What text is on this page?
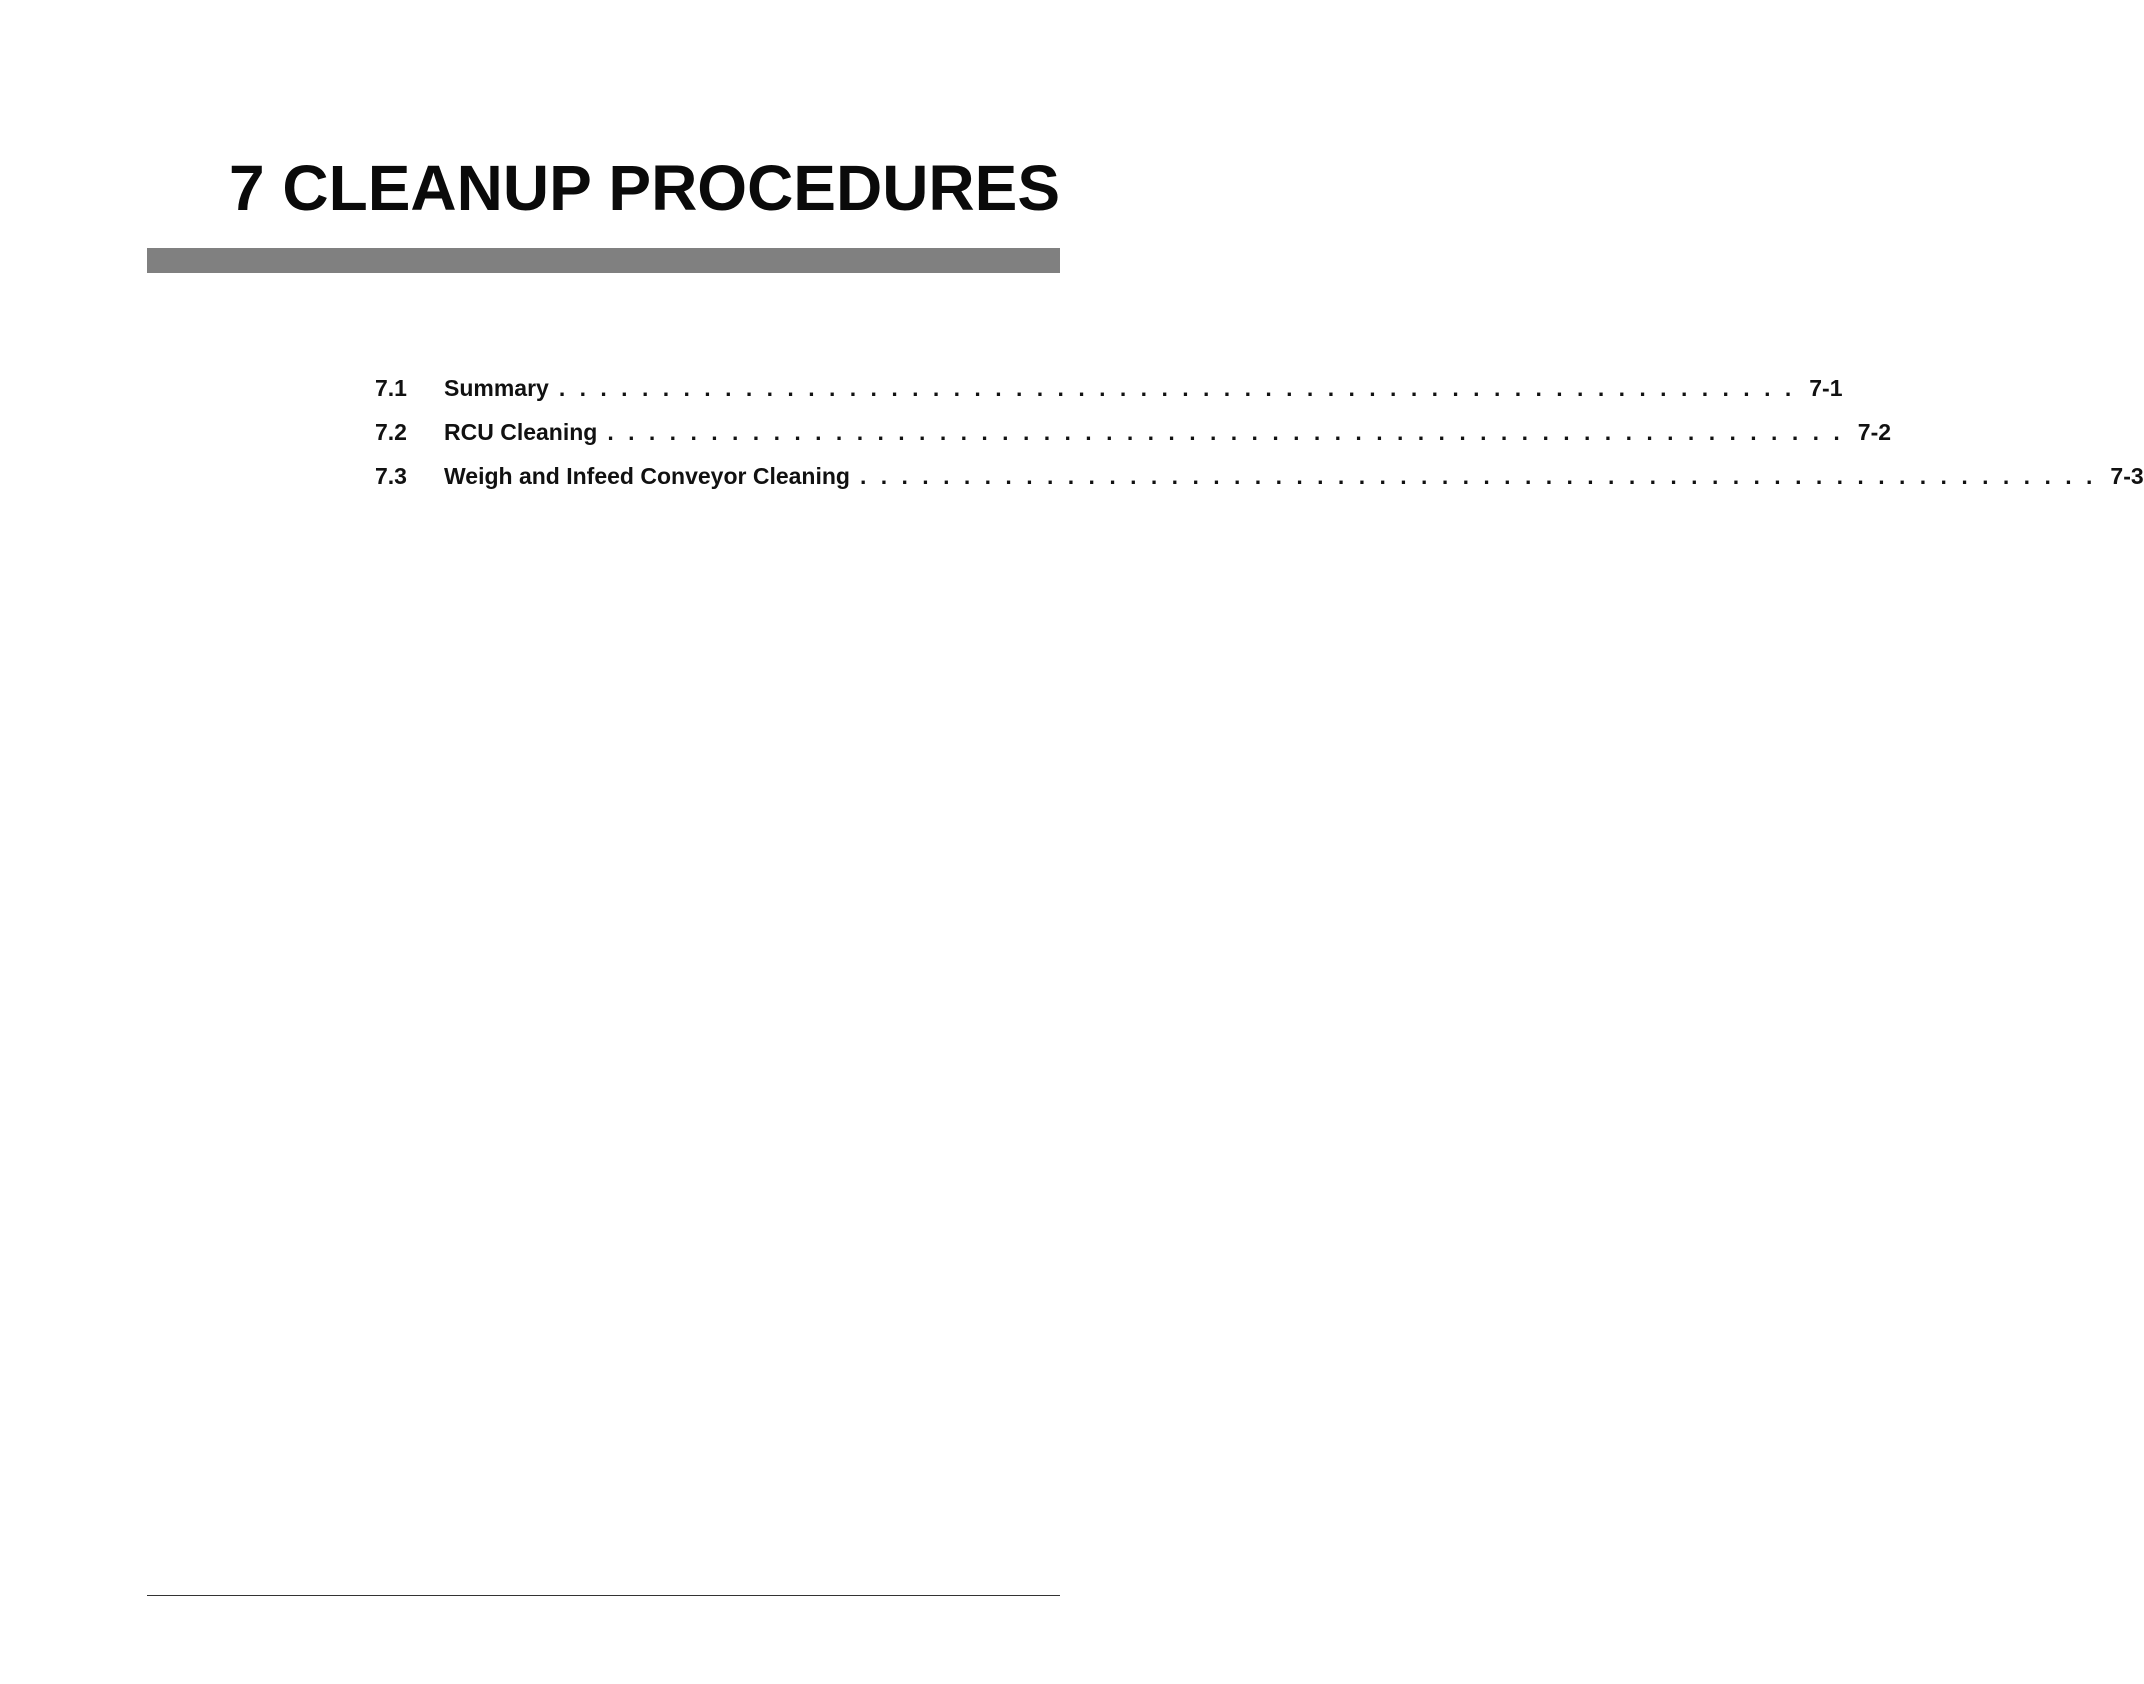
7 CLEANUP PROCEDURES
7.1	Summary . . . . . . . . . . . . . . . . . . . . . . . . . . . . . . . . . . . . . . . . . . . . . . . . . . . . . . . . . . . . 7-1
7.2	RCU Cleaning . . . . . . . . . . . . . . . . . . . . . . . . . . . . . . . . . . . . . . . . . . . . . . . . . . . . . . . . . . . . 7-2
7.3	Weigh and Infeed Conveyor Cleaning . . . . . . . . . . . . . . . . . . . . . . . . . . . . . . . . . . . . . . . . . . . . . . . . . . . . . . . . . . . . 7-3
